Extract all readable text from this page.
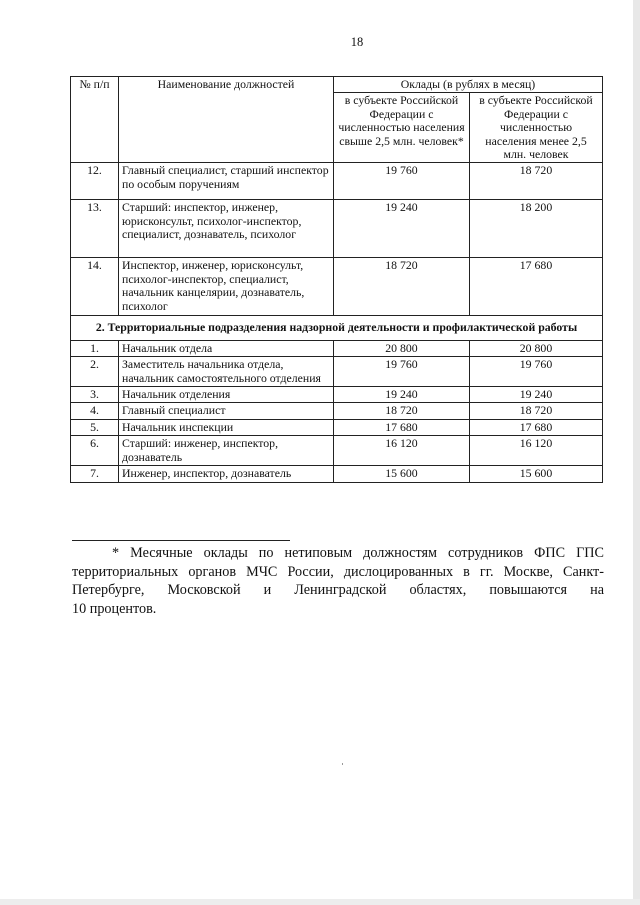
18
№ п/п	Наименование должностей	Оклады (в рублях в месяц)	
		в субъекте Российской Федерации с численностью населения свыше 2,5 млн. человек*	в субъекте Российской Федерации с численностью населения менее 2,5 млн. человек
12.	Главный специалист, старший инспектор по особым поручениям	19 760	18 720
13.	Старший: инспектор, инженер, юрисконсульт, психолог-инспектор, специалист, дознаватель, психолог	19 240	18 200
14.	Инспектор, инженер, юрисконсульт, психолог-инспектор, специалист, начальник канцелярии, дознаватель, психолог	18 720	17 680
2. Территориальные подразделения надзорной деятельности и профилактической работы			
1.	Начальник отдела	20 800	20 800
2.	Заместитель начальника отдела, начальник самостоятельного отделения	19 760	19 760
3.	Начальник отделения	19 240	19 240
4.	Главный специалист	18 720	18 720
5.	Начальник инспекции	17 680	17 680
6.	Старший: инженер, инспектор, дознаватель	16 120	16 120
7.	Инженер, инспектор, дознаватель	15 600	15 600
* Месячные оклады по нетиповым должностям сотрудников ФПС ГПС территориальных органов МЧС России, дислоцированных в гг. Москве, Санкт-Петербурге, Московской и Ленинградской областях, повышаются на
10 процентов.
